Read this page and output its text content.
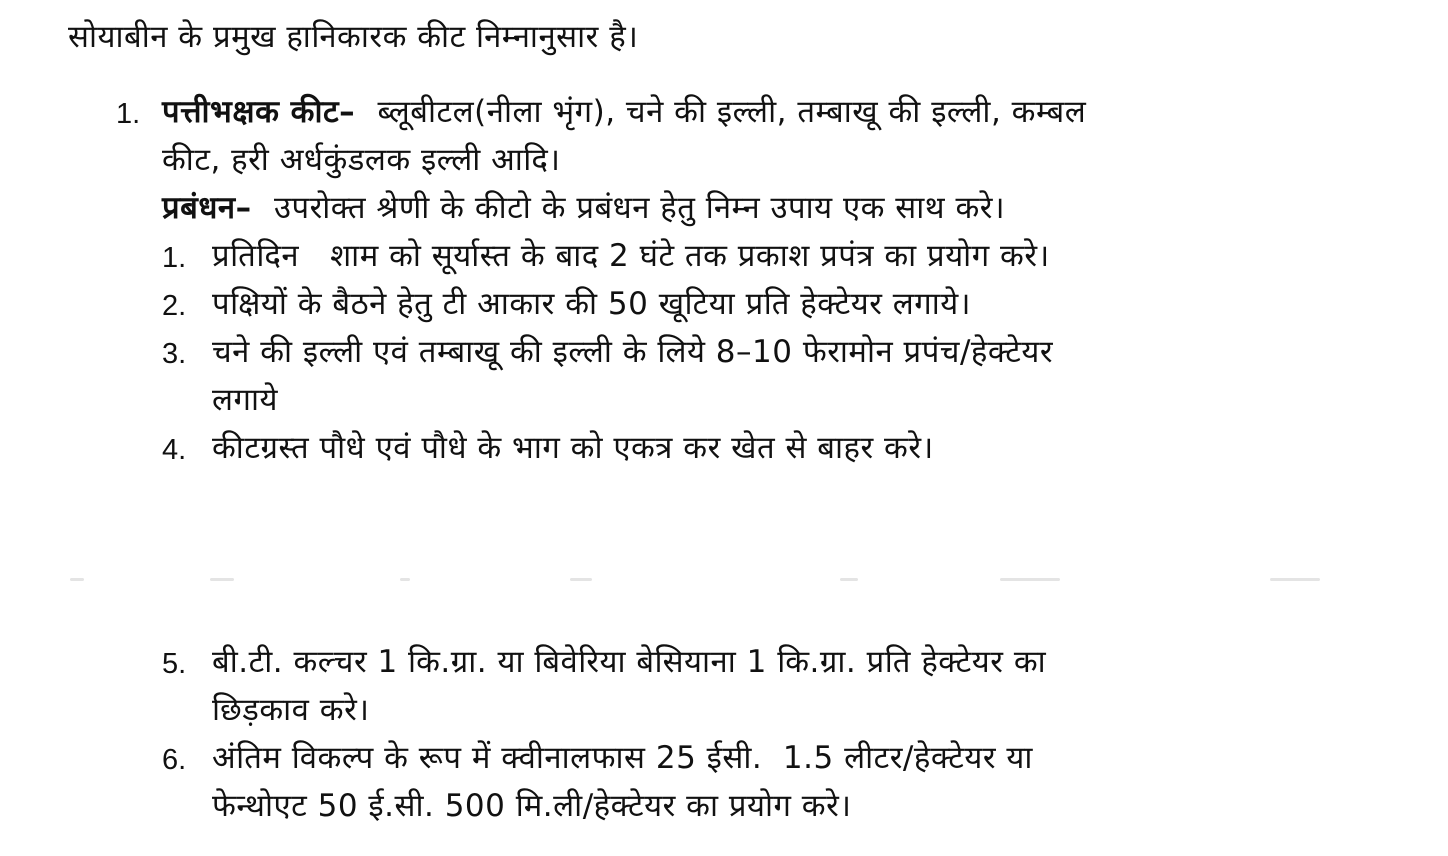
सोयाबीन के प्रमुख हानिकारक कीट निम्नानुसार है।
1. पत्तीभक्षक कीट– ब्लूबीटल(नीला भृंग), चने की इल्ली, तम्बाखू की इल्ली, कम्बल
कीट, हरी अर्धकुंडलक इल्ली आदि।
प्रबंधन– उपरोक्त श्रेणी के कीटो के प्रबंधन हेतु निम्न उपाय एक साथ करे।
1. प्रतिदिन   शाम को सूर्यास्त के बाद 2 घंटे तक प्रकाश प्रपंत्र का प्रयोग करे।
2. पक्षियों के बैठने हेतु टी आकार की 50 खूटिया प्रति हेक्टेयर लगाये।
3. चने की इल्ली एवं तम्बाखू की इल्ली के लिये 8–10 फेरामोन प्रपंच/हेक्टेयर
लगाये
4. कीटग्रस्त पौधे एवं पौधे के भाग को एकत्र कर खेत से बाहर करे।
5. बी.टी. कल्चर 1 कि.ग्रा. या बिवेरिया बेसियाना 1 कि.ग्रा. प्रति हेक्टेयर का
छिड़काव करे।
6. अंतिम विकल्प के रूप में क्वीनालफास 25 ईसी.  1.5 लीटर/हेक्टेयर या
फेन्थोएट 50 ई.सी. 500 मि.ली/हेक्टेयर का प्रयोग करे।
